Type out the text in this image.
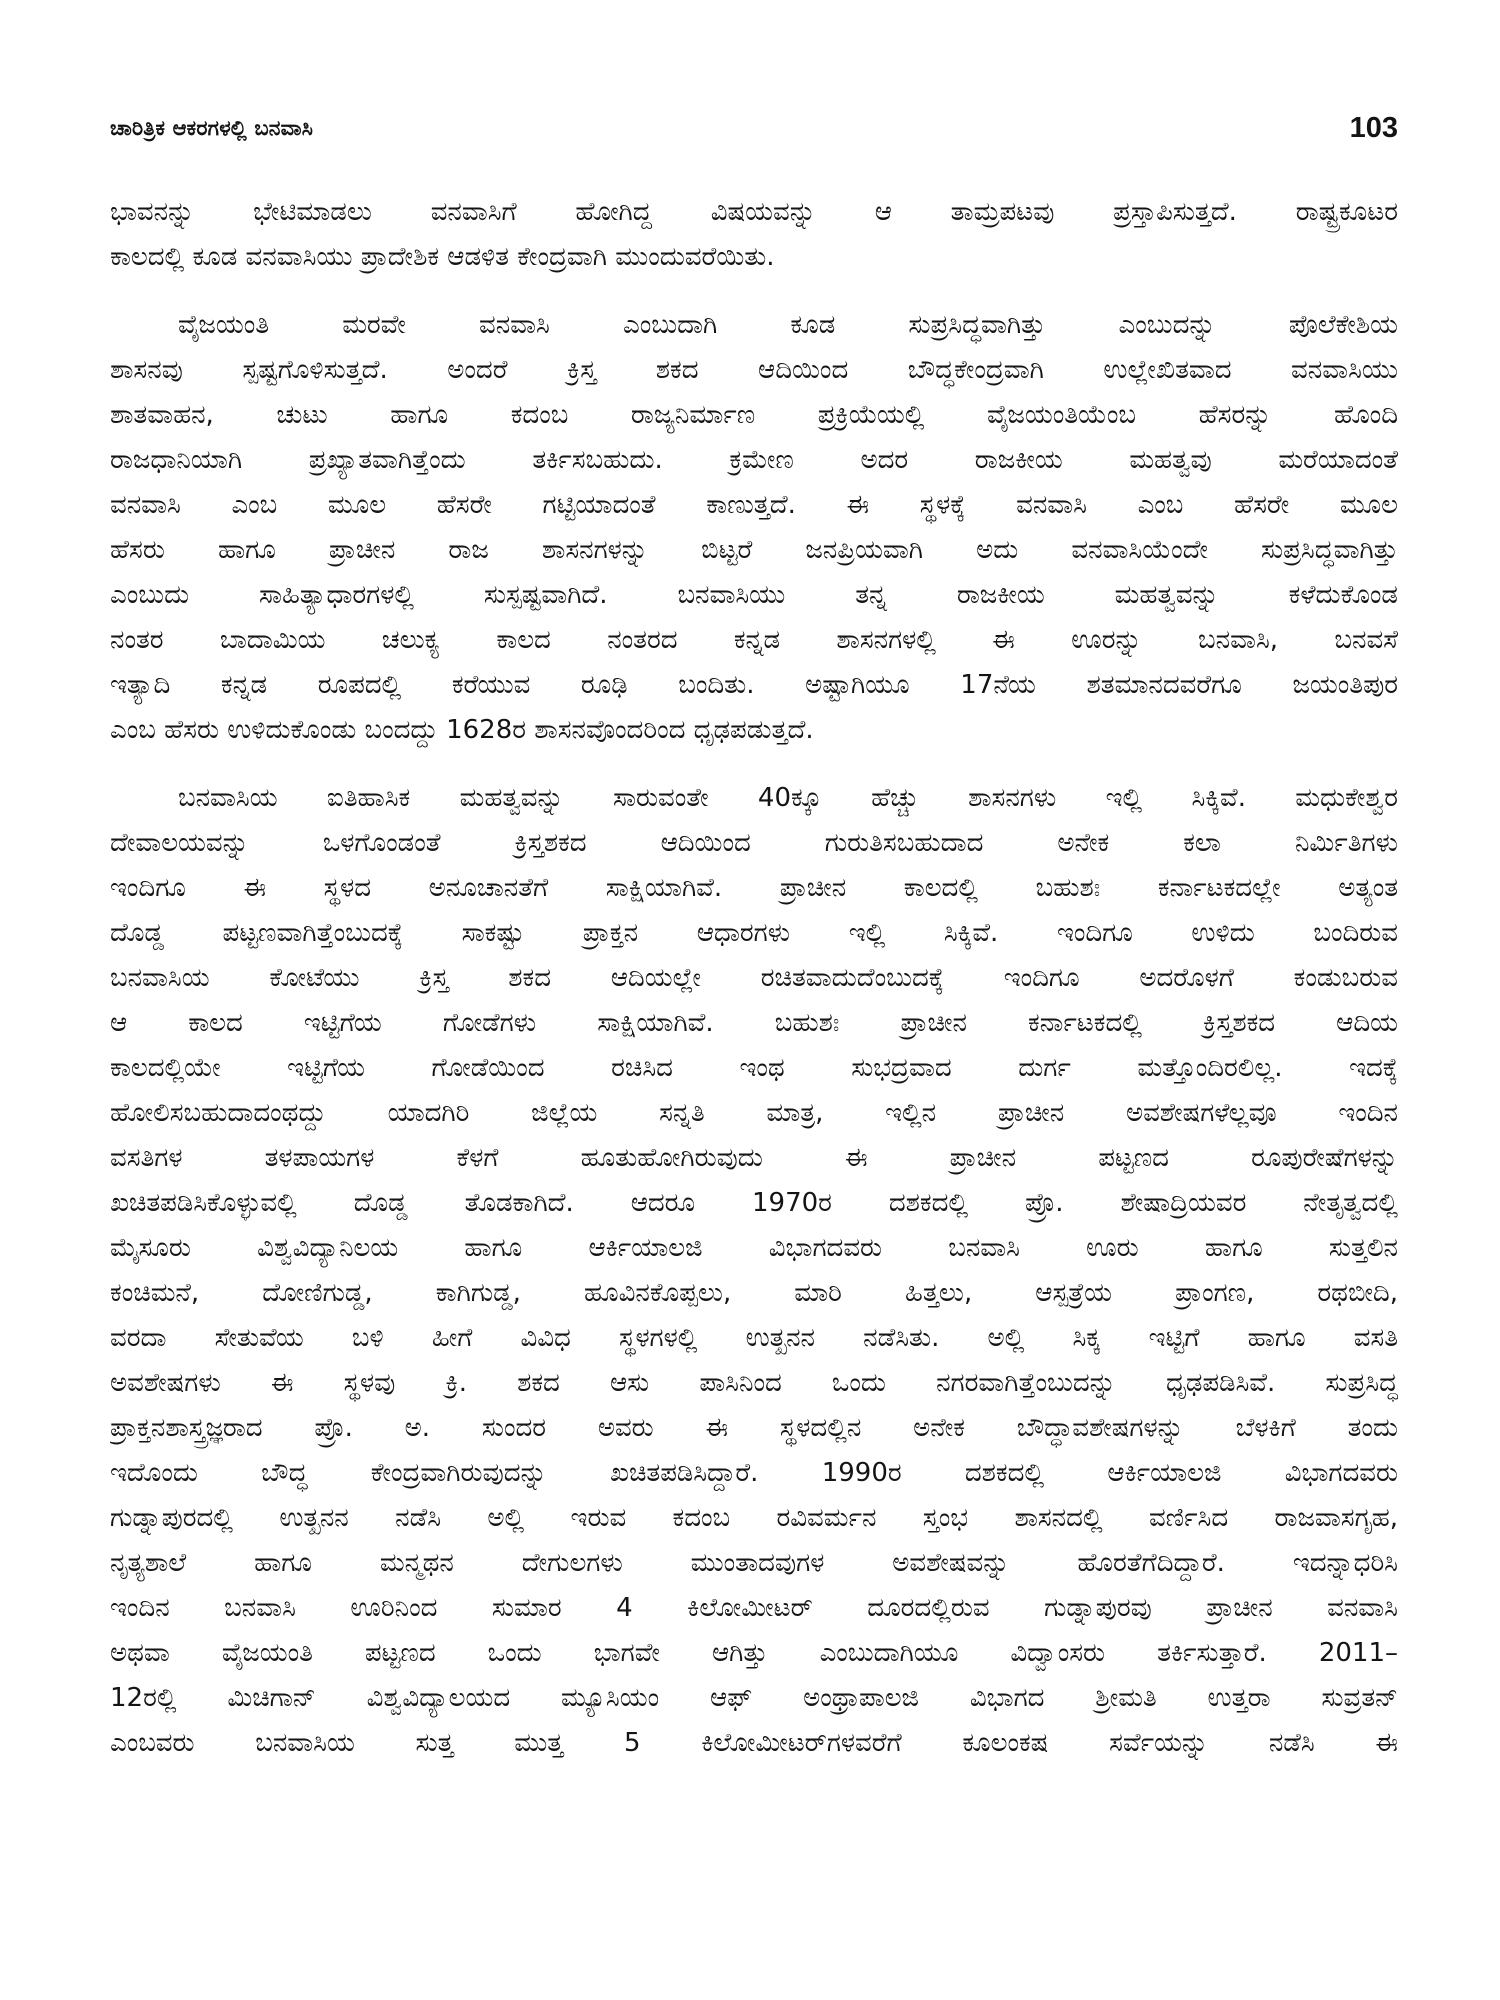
ಚಾರಿತ್ರಿಕ ಆಕರಗಳಲ್ಲಿ ಬನವಾಸಿ	103

ಭಾವನನ್ನು ಭೇಟಿಮಾಡಲು ವನವಾಸಿಗೆ ಹೋಗಿದ್ದ ವಿಷಯವನ್ನು ಆ ತಾಮ್ರಪಟವು ಪ್ರಸ್ತಾಪಿಸುತ್ತದೆ. ರಾಷ್ಟ್ರಕೂಟರ
ಕಾಲದಲ್ಲಿ ಕೂಡ ವನವಾಸಿಯು ಪ್ರಾದೇಶಿಕ ಆಡಳಿತ ಕೇಂದ್ರವಾಗಿ ಮುಂದುವರೆಯಿತು.

ವೈಜಯಂತಿ ಮರವೇ ವನವಾಸಿ ಎಂಬುದಾಗಿ ಕೂಡ ಸುಪ್ರಸಿದ್ಧವಾಗಿತ್ತು ಎಂಬುದನ್ನು ಪೊಲೆಕೇಶಿಯ
ಶಾಸನವು ಸ್ಪಷ್ಟಗೊಳಿಸುತ್ತದೆ. ಅಂದರೆ ಕ್ರಿಸ್ತ ಶಕದ ಆದಿಯಿಂದ ಬೌದ್ಧಕೇಂದ್ರವಾಗಿ ಉಲ್ಲೇಖಿತವಾದ ವನವಾಸಿಯು
ಶಾತವಾಹನ, ಚುಟು ಹಾಗೂ ಕದಂಬ ರಾಜ್ಯನಿರ್ಮಾಣ ಪ್ರಕ್ರಿಯೆಯಲ್ಲಿ ವೈಜಯಂತಿಯೆಂಬ ಹೆಸರನ್ನು ಹೊಂದಿ
ರಾಜಧಾನಿಯಾಗಿ ಪ್ರಖ್ಯಾತವಾಗಿತ್ತೆಂದು ತರ್ಕಿಸಬಹುದು. ಕ್ರಮೇಣ ಅದರ ರಾಜಕೀಯ ಮಹತ್ವವು ಮರೆಯಾದಂತೆ
ವನವಾಸಿ ಎಂಬ ಮೂಲ ಹೆಸರೇ ಗಟ್ಟಿಯಾದಂತೆ ಕಾಣುತ್ತದೆ. ಈ ಸ್ಥಳಕ್ಕೆ ವನವಾಸಿ ಎಂಬ ಹೆಸರೇ ಮೂಲ
ಹೆಸರು ಹಾಗೂ ಪ್ರಾಚೀನ ರಾಜ ಶಾಸನಗಳನ್ನು ಬಿಟ್ಟರೆ ಜನಪ್ರಿಯವಾಗಿ ಅದು ವನವಾಸಿಯೆಂದೇ ಸುಪ್ರಸಿದ್ಧವಾಗಿತ್ತು
ಎಂಬುದು ಸಾಹಿತ್ಯಾಧಾರಗಳಲ್ಲಿ ಸುಸ್ಪಷ್ಟವಾಗಿದೆ. ಬನವಾಸಿಯು ತನ್ನ ರಾಜಕೀಯ ಮಹತ್ವವನ್ನು ಕಳೆದುಕೊಂಡ
ನಂತರ ಬಾದಾಮಿಯ ಚಲುಕ್ಯ ಕಾಲದ ನಂತರದ ಕನ್ನಡ ಶಾಸನಗಳಲ್ಲಿ ಈ ಊರನ್ನು ಬನವಾಸಿ, ಬನವಸೆ
ಇತ್ಯಾದಿ ಕನ್ನಡ ರೂಪದಲ್ಲಿ ಕರೆಯುವ ರೂಢಿ ಬಂದಿತು. ಅಷ್ಟಾಗಿಯೂ 17ನೆಯ ಶತಮಾನದವರೆಗೂ ಜಯಂತಿಪುರ
ಎಂಬ ಹೆಸರು ಉಳಿದುಕೊಂಡು ಬಂದದ್ದು 1628ರ ಶಾಸನವೊಂದರಿಂದ ಧೃಢಪಡುತ್ತದೆ.

ಬನವಾಸಿಯ ಐತಿಹಾಸಿಕ ಮಹತ್ವವನ್ನು ಸಾರುವಂತೇ 40ಕ್ಕೂ ಹೆಚ್ಚು ಶಾಸನಗಳು ಇಲ್ಲಿ ಸಿಕ್ಕಿವೆ. ಮಧುಕೇಶ್ವರ
ದೇವಾಲಯವನ್ನು ಒಳಗೊಂಡಂತೆ ಕ್ರಿಸ್ತಶಕದ ಆದಿಯಿಂದ ಗುರುತಿಸಬಹುದಾದ ಅನೇಕ ಕಲಾ ನಿರ್ಮಿತಿಗಳು
ಇಂದಿಗೂ ಈ ಸ್ಥಳದ ಅನೂಚಾನತೆಗೆ ಸಾಕ್ಷಿಯಾಗಿವೆ. ಪ್ರಾಚೀನ ಕಾಲದಲ್ಲಿ ಬಹುಶಃ ಕರ್ನಾಟಕದಲ್ಲೇ ಅತ್ಯಂತ
ದೊಡ್ಡ ಪಟ್ಟಣವಾಗಿತ್ತೆಂಬುದಕ್ಕೆ ಸಾಕಷ್ಟು ಪ್ರಾಕ್ತನ ಆಧಾರಗಳು ಇಲ್ಲಿ ಸಿಕ್ಕಿವೆ. ಇಂದಿಗೂ ಉಳಿದು ಬಂದಿರುವ
ಬನವಾಸಿಯ ಕೋಟೆಯು ಕ್ರಿಸ್ತ ಶಕದ ಆದಿಯಲ್ಲೇ ರಚಿತವಾದುದೆಂಬುದಕ್ಕೆ ಇಂದಿಗೂ ಅದರೊಳಗೆ ಕಂಡುಬರುವ
ಆ ಕಾಲದ ಇಟ್ಟಿಗೆಯ ಗೋಡೆಗಳು ಸಾಕ್ಷಿಯಾಗಿವೆ. ಬಹುಶಃ ಪ್ರಾಚೀನ ಕರ್ನಾಟಕದಲ್ಲಿ ಕ್ರಿಸ್ತಶಕದ ಆದಿಯ
ಕಾಲದಲ್ಲಿಯೇ ಇಟ್ಟಿಗೆಯ ಗೋಡೆಯಿಂದ ರಚಿಸಿದ ಇಂಥ ಸುಭದ್ರವಾದ ದುರ್ಗ ಮತ್ತೊಂದಿರಲಿಲ್ಲ. ಇದಕ್ಕೆ
ಹೋಲಿಸಬಹುದಾದಂಥದ್ದು ಯಾದಗಿರಿ ಜಿಲ್ಲೆಯ ಸನ್ನತಿ ಮಾತ್ರ, ಇಲ್ಲಿನ ಪ್ರಾಚೀನ ಅವಶೇಷಗಳೆಲ್ಲವೂ ಇಂದಿನ
ವಸತಿಗಳ ತಳಪಾಯಗಳ ಕೆಳಗೆ ಹೂತುಹೋಗಿರುವುದು ಈ ಪ್ರಾಚೀನ ಪಟ್ಟಣದ ರೂಪುರೇಷೆಗಳನ್ನು
ಖಚಿತಪಡಿಸಿಕೊಳ್ಳುವಲ್ಲಿ ದೊಡ್ಡ ತೊಡಕಾಗಿದೆ. ಆದರೂ 1970ರ ದಶಕದಲ್ಲಿ ಪ್ರೊ. ಶೇಷಾದ್ರಿಯವರ ನೇತೃತ್ವದಲ್ಲಿ
ಮೈಸೂರು ವಿಶ್ವವಿದ್ಯಾನಿಲಯ ಹಾಗೂ ಆರ್ಕಿಯಾಲಜಿ ವಿಭಾಗದವರು ಬನವಾಸಿ ಊರು ಹಾಗೂ ಸುತ್ತಲಿನ
ಕಂಚಿಮನೆ, ದೋಣಿಗುಡ್ಡ, ಕಾಗಿಗುಡ್ಡ, ಹೂವಿನಕೊಪ್ಪಲು, ಮಾರಿ ಹಿತ್ತಲು, ಆಸ್ಪತ್ರೆಯ ಪ್ರಾಂಗಣ, ರಥಬೀದಿ,
ವರದಾ ಸೇತುವೆಯ ಬಳಿ ಹೀಗೆ ವಿವಿಧ ಸ್ಥಳಗಳಲ್ಲಿ ಉತ್ಖನನ ನಡೆಸಿತು. ಅಲ್ಲಿ ಸಿಕ್ಕ ಇಟ್ಟಿಗೆ ಹಾಗೂ ವಸತಿ
ಅವಶೇಷಗಳು ಈ ಸ್ಥಳವು ಕ್ರಿ. ಶಕದ ಆಸು ಪಾಸಿನಿಂದ ಒಂದು ನಗರವಾಗಿತ್ತೆಂಬುದನ್ನು ಧೃಢಪಡಿಸಿವೆ. ಸುಪ್ರಸಿದ್ಧ
ಪ್ರಾಕ್ತನಶಾಸ್ತ್ರಜ್ಞರಾದ ಪ್ರೊ. ಅ. ಸುಂದರ ಅವರು ಈ ಸ್ಥಳದಲ್ಲಿನ ಅನೇಕ ಬೌದ್ಧಾವಶೇಷಗಳನ್ನು ಬೆಳಕಿಗೆ ತಂದು
ಇದೊಂದು ಬೌದ್ಧ ಕೇಂದ್ರವಾಗಿರುವುದನ್ನು ಖಚಿತಪಡಿಸಿದ್ದಾರೆ. 1990ರ ದಶಕದಲ್ಲಿ ಆರ್ಕಿಯಾಲಜಿ ವಿಭಾಗದವರು
ಗುಡ್ನಾಪುರದಲ್ಲಿ ಉತ್ಖನನ ನಡೆಸಿ ಅಲ್ಲಿ ಇರುವ ಕದಂಬ ರವಿವರ್ಮನ ಸ್ತಂಭ ಶಾಸನದಲ್ಲಿ ವರ್ಣಿಸಿದ ರಾಜವಾಸಗೃಹ,
ನೃತ್ಯಶಾಲೆ ಹಾಗೂ ಮನ್ಮಥನ ದೇಗುಲಗಳು ಮುಂತಾದವುಗಳ ಅವಶೇಷವನ್ನು ಹೊರತೆಗೆದಿದ್ದಾರೆ. ಇದನ್ನಾಧರಿಸಿ
ಇಂದಿನ ಬನವಾಸಿ ಊರಿನಿಂದ ಸುಮಾರ 4 ಕಿಲೋಮೀಟರ್ ದೂರದಲ್ಲಿರುವ ಗುಡ್ನಾಪುರವು ಪ್ರಾಚೀನ ವನವಾಸಿ
ಅಥವಾ ವೈಜಯಂತಿ ಪಟ್ಟಣದ ಒಂದು ಭಾಗವೇ ಆಗಿತ್ತು ಎಂಬುದಾಗಿಯೂ ವಿದ್ವಾಂಸರು ತರ್ಕಿಸುತ್ತಾರೆ. 2011–
12ರಲ್ಲಿ ಮಿಚಿಗಾನ್ ವಿಶ್ವವಿದ್ಯಾಲಯದ ಮ್ಯೂಸಿಯಂ ಆಫ್ ಅಂಥ್ರಾಪಾಲಜಿ ವಿಭಾಗದ ಶ್ರೀಮತಿ ಉತ್ತರಾ ಸುವ್ರತನ್
ಎಂಬವರು ಬನವಾಸಿಯ ಸುತ್ತ ಮುತ್ತ 5 ಕಿಲೋಮೀಟರ್‌ಗಳವರೆಗೆ ಕೂಲಂಕಷ ಸರ್ವೆಯನ್ನು ನಡೆಸಿ ಈ
